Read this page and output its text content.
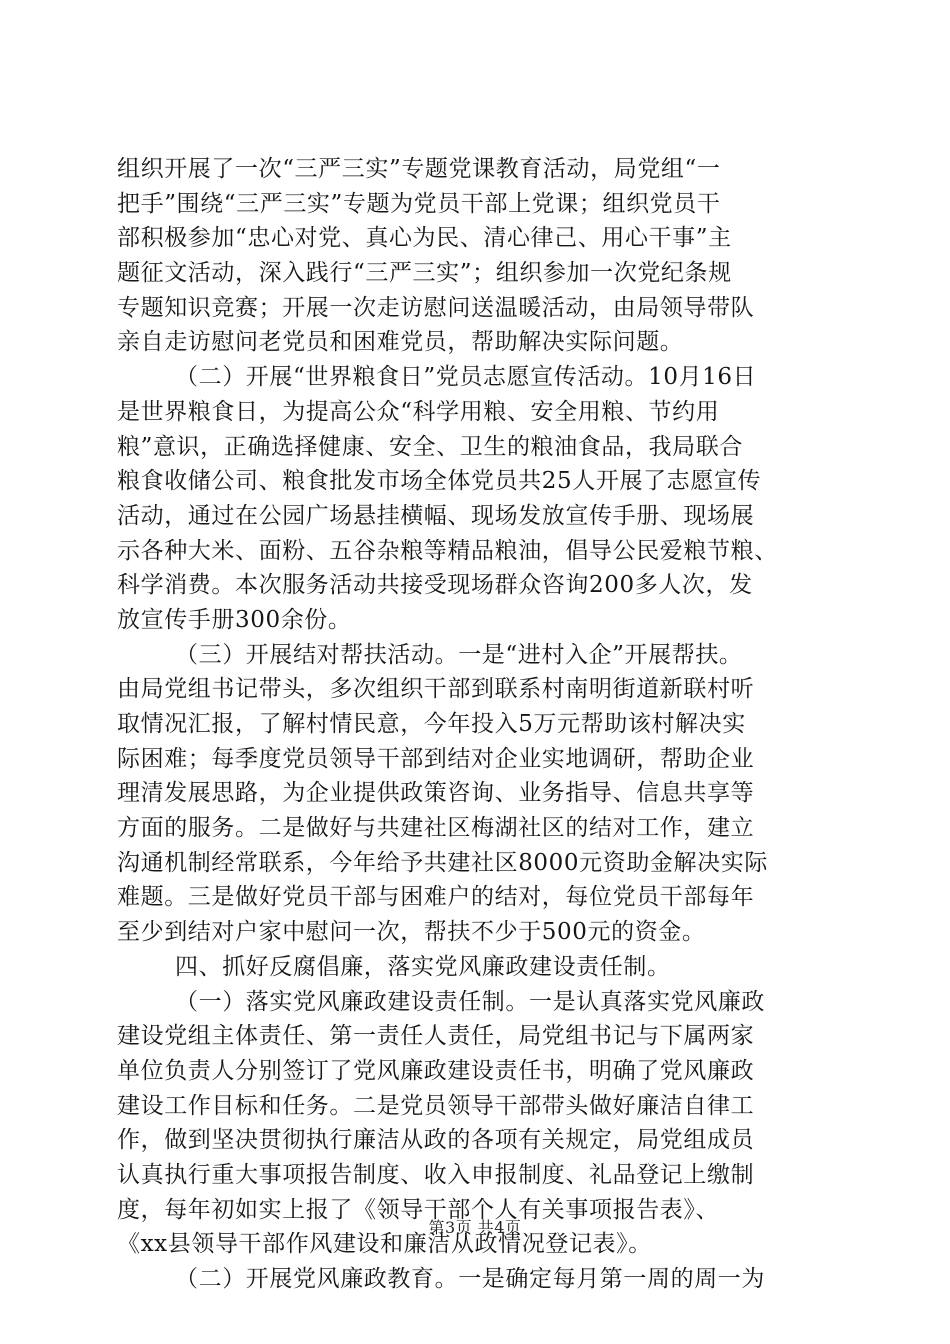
组织开展了一次“三严三实”专题党课教育活动，局党组“一
把手”围绕“三严三实”专题为党员干部上党课；组织党员干
部积极参加“忠心对党、真心为民、清心律己、用心干事”主
题征文活动，深入践行“三严三实”；组织参加一次党纪条规
专题知识竞赛；开展一次走访慰问送温暖活动，由局领导带队
亲自走访慰问老党员和困难党员，帮助解决实际问题。
（二）开展“世界粮食日”党员志愿宣传活动。10月16日
是世界粮食日，为提高公众“科学用粮、安全用粮、节约用
粮”意识，正确选择健康、安全、卫生的粮油食品，我局联合
粮食收储公司、粮食批发市场全体党员共25人开展了志愿宣传
活动，通过在公园广场悬挂横幅、现场发放宣传手册、现场展
示各种大米、面粉、五谷杂粮等精品粮油，倡导公民爱粮节粮、
科学消费。本次服务活动共接受现场群众咨询200多人次，发
放宣传手册300余份。
（三）开展结对帮扶活动。一是“进村入企”开展帮扶。
由局党组书记带头，多次组织干部到联系村南明街道新联村听
取情况汇报，了解村情民意，今年投入5万元帮助该村解决实
际困难；每季度党员领导干部到结对企业实地调研，帮助企业
理清发展思路，为企业提供政策咨询、业务指导、信息共享等
方面的服务。二是做好与共建社区梅湖社区的结对工作，建立
沟通机制经常联系，今年给予共建社区8000元资助金解决实际
难题。三是做好党员干部与困难户的结对，每位党员干部每年
至少到结对户家中慰问一次，帮扶不少于500元的资金。
四、抓好反腐倡廉，落实党风廉政建设责任制。
（一）落实党风廉政建设责任制。一是认真落实党风廉政
建设党组主体责任、第一责任人责任，局党组书记与下属两家
单位负责人分别签订了党风廉政建设责任书，明确了党风廉政
建设工作目标和任务。二是党员领导干部带头做好廉洁自律工
作，做到坚决贯彻执行廉洁从政的各项有关规定，局党组成员
认真执行重大事项报告制度、收入申报制度、礼品登记上缴制
度，每年初如实上报了《领导干部个人有关事项报告表》、
《xx县领导干部作风建设和廉洁从政情况登记表》。
（二）开展党风廉政教育。一是确定每月第一周的周一为
第3页 共4页
